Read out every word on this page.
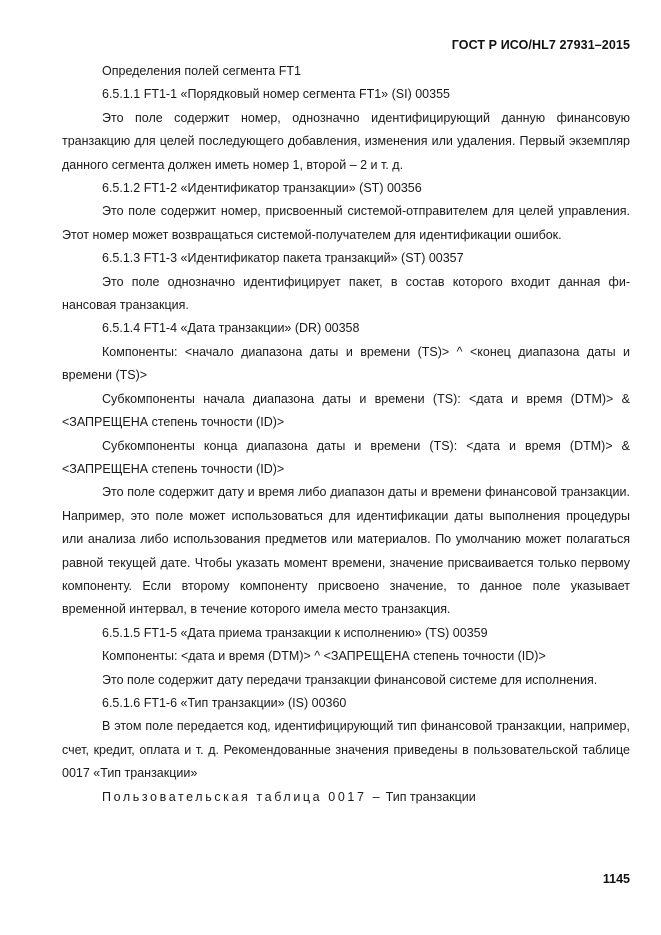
ГОСТ Р ИСО/HL7 27931–2015

Определения полей сегмента FT1

6.5.1.1 FT1-1 «Порядковый номер сегмента FT1» (SI) 00355

Это поле содержит номер, однозначно идентифицирующий данную финансовую транзакцию для целей последующего добавления, изменения или удаления. Первый экземпляр данного сегмента должен иметь номер 1, второй – 2 и т. д.

6.5.1.2 FT1-2 «Идентификатор транзакции» (ST) 00356

Это поле содержит номер, присвоенный системой-отправителем для целей управления. Этот номер может возвращаться системой-получателем для идентификации ошибок.

6.5.1.3 FT1-3 «Идентификатор пакета транзакций» (ST) 00357

Это поле однозначно идентифицирует пакет, в состав которого входит данная финансовая транзакция.

6.5.1.4 FT1-4 «Дата транзакции» (DR) 00358

Компоненты: <начало диапазона даты и времени (TS)> ^ <конец диапазона даты и времени (TS)>

Субкомпоненты начала диапазона даты и времени (TS): <дата и время (DTM)> & <ЗАПРЕЩЕНА степень точности (ID)>

Субкомпоненты конца диапазона даты и времени (TS): <дата и время (DTM)> & <ЗАПРЕЩЕНА степень точности (ID)>

Это поле содержит дату и время либо диапазон даты и времени финансовой транзакции. Например, это поле может использоваться для идентификации даты выполнения процедуры или анализа либо использования предметов или материалов. По умолчанию может полагаться равной текущей дате. Чтобы указать момент времени, значение присваивается только первому компоненту. Если второму компоненту присвоено значение, то данное поле указывает временной интервал, в течение которого имела место транзакция.

6.5.1.5 FT1-5 «Дата приема транзакции к исполнению» (TS) 00359

Компоненты: <дата и время (DTM)> ^ <ЗАПРЕЩЕНА степень точности (ID)>

Это поле содержит дату передачи транзакции финансовой системе для исполнения.

6.5.1.6 FT1-6 «Тип транзакции» (IS) 00360

В этом поле передается код, идентифицирующий тип финансовой транзакции, например, счет, кредит, оплата и т. д. Рекомендованные значения приведены в пользовательской таблице 0017 «Тип транзакции»

Пользовательская таблица 0017 – Тип транзакции

1145
